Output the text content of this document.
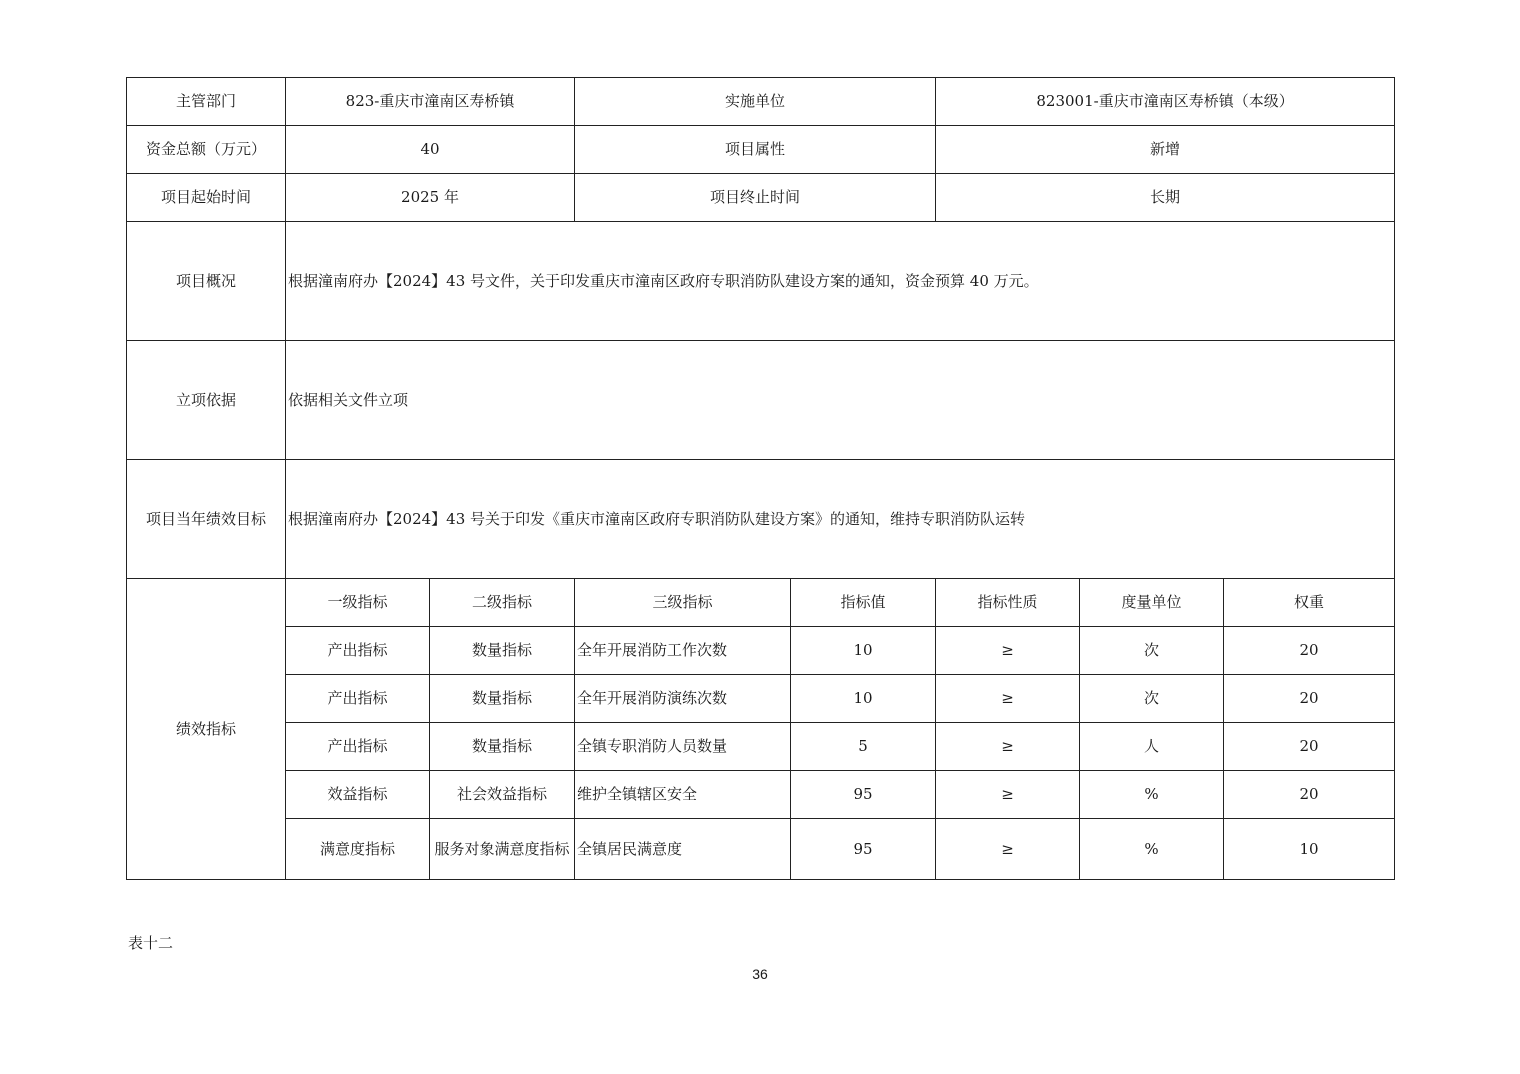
主管部门	823-重庆市潼南区寿桥镇		实施单位		823001-重庆市潼南区寿桥镇（本级）		
资金总额（万元）	40		项目属性		新增		
项目起始时间	2025 年		项目终止时间		长期		
项目概况	根据潼南府办【2024】43 号文件，关于印发重庆市潼南区政府专职消防队建设方案的通知，资金预算 40 万元。						
立项依据	依据相关文件立项						
项目当年绩效目标	根据潼南府办【2024】43 号关于印发《重庆市潼南区政府专职消防队建设方案》的通知，维持专职消防队运转						
绩效指标	一级指标	二级指标	三级指标	指标值	指标性质	度量单位	权重
	产出指标	数量指标	全年开展消防工作次数	10	≥	次	20
	产出指标	数量指标	全年开展消防演练次数	10	≥	次	20
	产出指标	数量指标	全镇专职消防人员数量	5	≥	人	20
	效益指标	社会效益指标	维护全镇辖区安全	95	≥	%	20
	满意度指标	服务对象满意度指标	全镇居民满意度	95	≥	%	10
表十二
36
